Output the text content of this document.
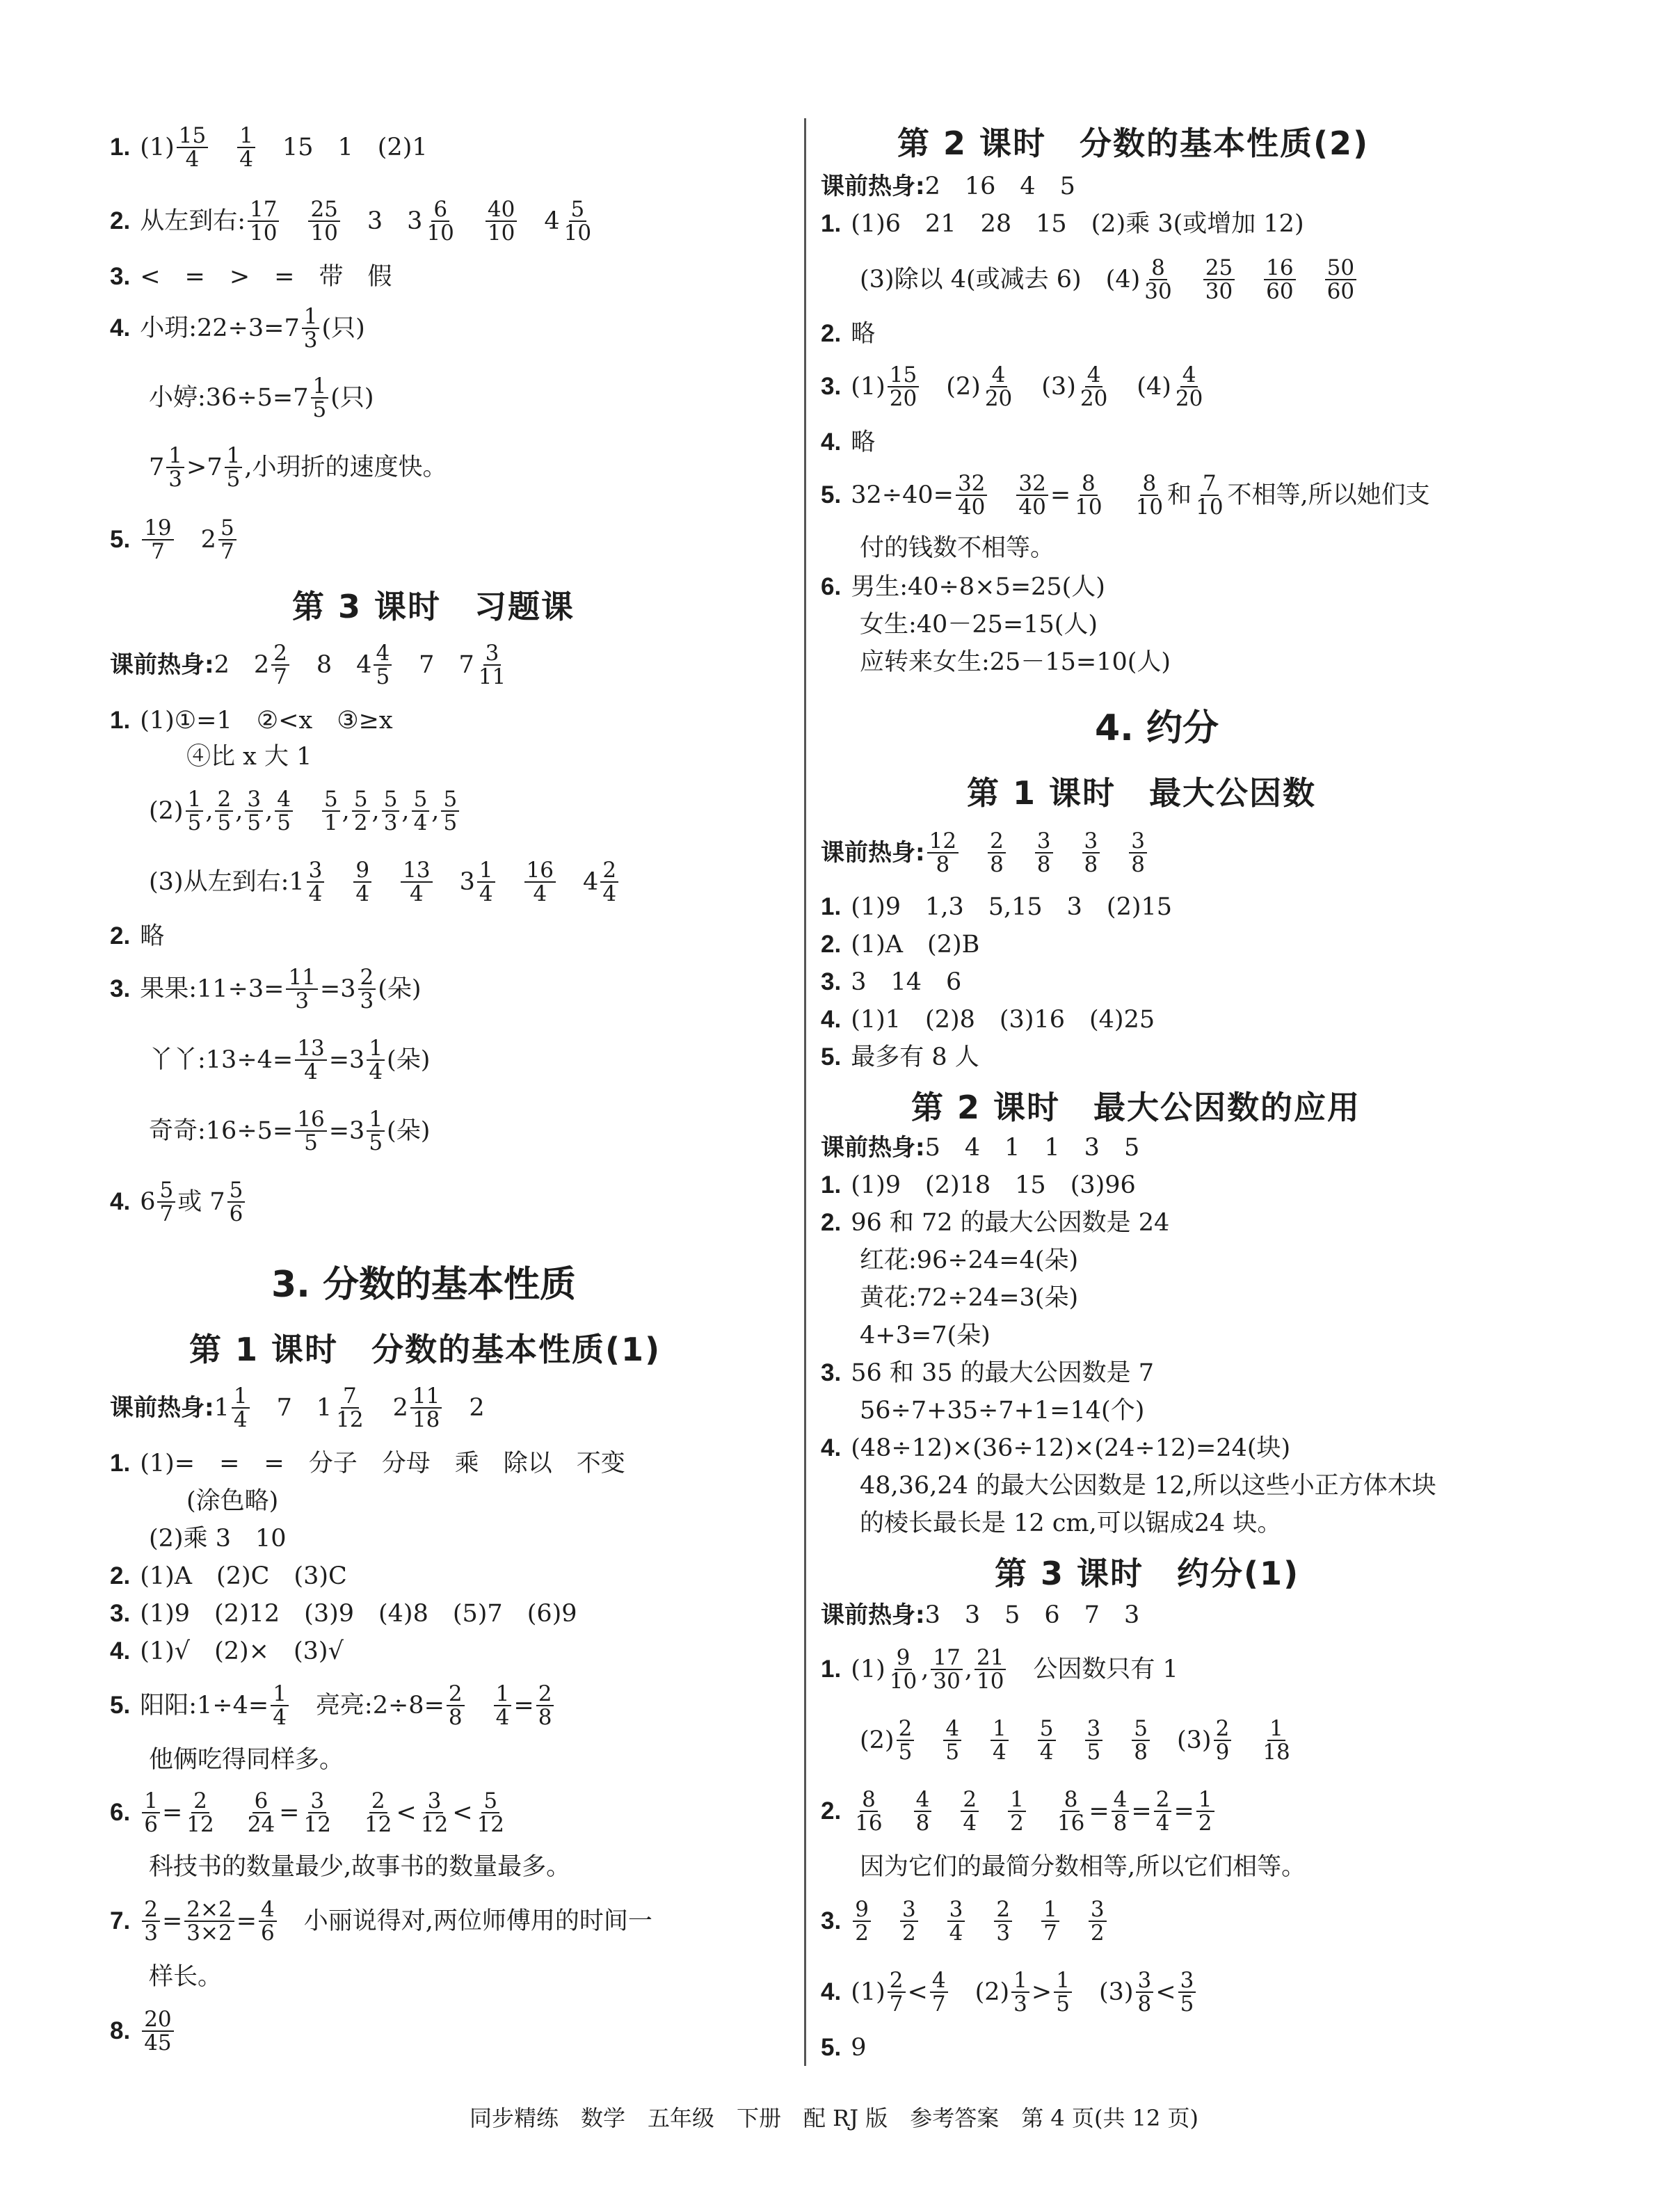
1. $(1) \frac{15}{4} \frac{1}{4} 15$　1　(2)1
2. 从左到右: $\frac{17}{10} \frac{25}{10} 3$　$3 \frac{6}{10} \frac{40}{10} 4 \frac{5}{10}$
3. <　=　>　=　带　假
4. 小玥:22÷3=7 $\frac{1}{3}$ (只)
小婷:36÷5=7 $\frac{1}{5}$ (只)
$7 \frac{1}{3} >7 \frac{1}{5}$ ,小玥折的速度快。
5. $\frac{19}{7} 2 \frac{5}{7}$
第 3 课时　习题课
课前热身: 2　$2 \frac{2}{7} 8$　$4 \frac{4}{5} 7$　$7 \frac{3}{11}$
1. (1)①=1　②<x　③≥x
④比 x 大 1
$(2) \frac{1}{5}$ , $\frac{2}{5}$ , $\frac{3}{5}$ , $\frac{4}{5} \frac{5}{1}$ , $\frac{5}{2}$ , $\frac{5}{3}$ , $\frac{5}{4}$ , $\frac{5}{5}$
(3)从左到右:1 $\frac{3}{4} \frac{9}{4} \frac{13}{4} 3 \frac{1}{4} \frac{16}{4} 4 \frac{2}{4}$
2. 略
3. 果果:11÷3= $\frac{11}{3} =3 \frac{2}{3}$ (朵)
丫丫:13÷4= $\frac{13}{4} =3 \frac{1}{4}$ (朵)
奇奇:16÷5= $\frac{16}{5} =3 \frac{1}{5}$ (朵)
4. $6 \frac{5}{7}$ 或 $7 \frac{5}{6}$
3. 分数的基本性质
第 1 课时　分数的基本性质(1)
课前热身: $1 \frac{1}{4} 7$　$1 \frac{7}{12} 2 \frac{11}{18} 2$
1. (1)=　=　=　分子　分母　乘　除以　不变
(涂色略)
(2)乘 3　10
2. (1)A　(2)C　(3)C
3. (1)9　(2)12　(3)9　(4)8　(5)7　(6)9
4. (1)√　(2)×　(3)√
5. 阳阳:1÷4= $\frac{1}{4}$ 亮亮:2÷8= $\frac{2}{8} \frac{1}{4} = \frac{2}{8}$
他俩吃得同样多。
6. $\frac{1}{6} = \frac{2}{12} \frac{6}{24} = \frac{3}{12} \frac{2}{12} < \frac{3}{12} < \frac{5}{12}$
科技书的数量最少,故事书的数量最多。
7. $\frac{2}{3} = \frac{2\times 2}{3\times 2} = \frac{4}{6}$ 小丽说得对,两位师傅用的时间一
样长。
8. $\frac{20}{45}$
第 2 课时　分数的基本性质(2)
课前热身: 2　16　4　5
1. (1)6　21　28　15　(2)乘 3(或增加 12)
(3)除以 4(或减去 6)　$(4) \frac{8}{30} \frac{25}{30} \frac{16}{60} \frac{50}{60}$
2. 略
3. $(1) \frac{15}{20} (2) \frac{4}{20} (3) \frac{4}{20} (4) \frac{4}{20}$
4. 略
5. $32\div 40= \frac{32}{40} \frac{32}{40} = \frac{8}{10} \frac{8}{10}$ 和 $\frac{7}{10}$ 不相等,所以她们支
付的钱数不相等。
6. 男生:40÷8×5=25(人)
女生:40－25=15(人)
应转来女生:25－15=10(人)
4. 约分
第 1 课时　最大公因数
课前热身: $\frac{12}{8} \frac{2}{8} \frac{3}{8} \frac{3}{8} \frac{3}{8}$
1. (1)9　1,3　5,15　3　(2)15
2. (1)A　(2)B
3. 3　14　6
4. (1)1　(2)8　(3)16　(4)25
5. 最多有 8 人
第 2 课时　最大公因数的应用
课前热身: 5　4　1　1　3　5
1. (1)9　(2)18　15　(3)96
2. 96 和 72 的最大公因数是 24
红花:96÷24=4(朵)
黄花:72÷24=3(朵)
4+3=7(朵)
3. 56 和 35 的最大公因数是 7
56÷7+35÷7+1=14(个)
4. (48÷12)×(36÷12)×(24÷12)=24(块)
48,36,24 的最大公因数是 12,所以这些小正方体木块
的棱长最长是 12 cm,可以锯成24 块。
第 3 课时　约分(1)
课前热身: 3　3　5　6　7　3
1. $(1) \frac{9}{10}$ , $\frac{17}{30}$ , $\frac{21}{10}$ 公因数只有 1
$(2) \frac{2}{5} \frac{4}{5} \frac{1}{4} \frac{5}{4} \frac{3}{5} \frac{5}{8} (3) \frac{2}{9} \frac{1}{18}$
2. $\frac{8}{16} \frac{4}{8} \frac{2}{4} \frac{1}{2} \frac{8}{16} = \frac{4}{8} = \frac{2}{4} = \frac{1}{2}$
因为它们的最简分数相等,所以它们相等。
3. $\frac{9}{2} \frac{3}{2} \frac{3}{4} \frac{2}{3} \frac{1}{7} \frac{3}{2}$
4. $(1) \frac{2}{7} < \frac{4}{7} (2) \frac{1}{3} > \frac{1}{5} (3) \frac{3}{8} < \frac{3}{5}$
5. 9
同步精练　数学　五年级　下册　配 RJ 版　参考答案　第 4 页(共 12 页)
